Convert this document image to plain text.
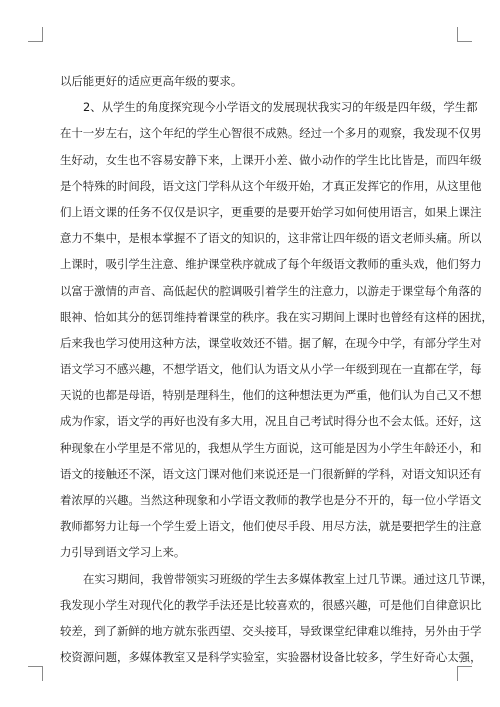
以后能更好的适应更高年级的要求。
2、从学生的角度探究现今小学语文的发展现状我实习的年级是四年级，学生都
在十一岁左右，这个年纪的学生心智很不成熟。经过一个多月的观察，我发现不仅男
生好动，女生也不容易安静下来，上课开小差、做小动作的学生比比皆是，而四年级
是个特殊的时间段，语文这门学科从这个年级开始，才真正发挥它的作用，从这里他
们上语文课的任务不仅仅是识字，更重要的是要开始学习如何使用语言，如果上课注
意力不集中，是根本掌握不了语文的知识的，这非常让四年级的语文老师头痛。所以
上课时，吸引学生注意、维护课堂秩序就成了每个年级语文教师的重头戏，他们努力
以富于激情的声音、高低起伏的腔调吸引着学生的注意力，以游走于课堂每个角落的
眼神、恰如其分的惩罚维持着课堂的秩序。我在实习期间上课时也曾经有这样的困扰，
后来我也学习使用这种方法，课堂收效还不错。据了解，在现今中学，有部分学生对
语文学习不感兴趣，不想学语文，他们认为语文从小学一年级到现在一直都在学，每
天说的也都是母语，特别是理科生，他们的这种想法更为严重，他们认为自己又不想
成为作家，语文学的再好也没有多大用，况且自己考试时得分也不会太低。还好，这
种现象在小学里是不常见的，我想从学生方面说，这可能是因为小学生年龄还小，和
语文的接触还不深，语文这门课对他们来说还是一门很新鲜的学科，对语文知识还有
着浓厚的兴趣。当然这种现象和小学语文教师的教学也是分不开的，每一位小学语文
教师都努力让每一个学生爱上语文，他们使尽手段、用尽方法，就是要把学生的注意
力引导到语文学习上来。
在实习期间，我曾带领实习班级的学生去多媒体教室上过几节课。通过这几节课，
我发现小学生对现代化的教学手法还是比较喜欢的，很感兴趣，可是他们自律意识比
较差，到了新鲜的地方就东张西望、交头接耳，导致课堂纪律难以维持，另外由于学
校资源问题，多媒体教室又是科学实验室，实验器材设备比较多，学生好奇心太强，
